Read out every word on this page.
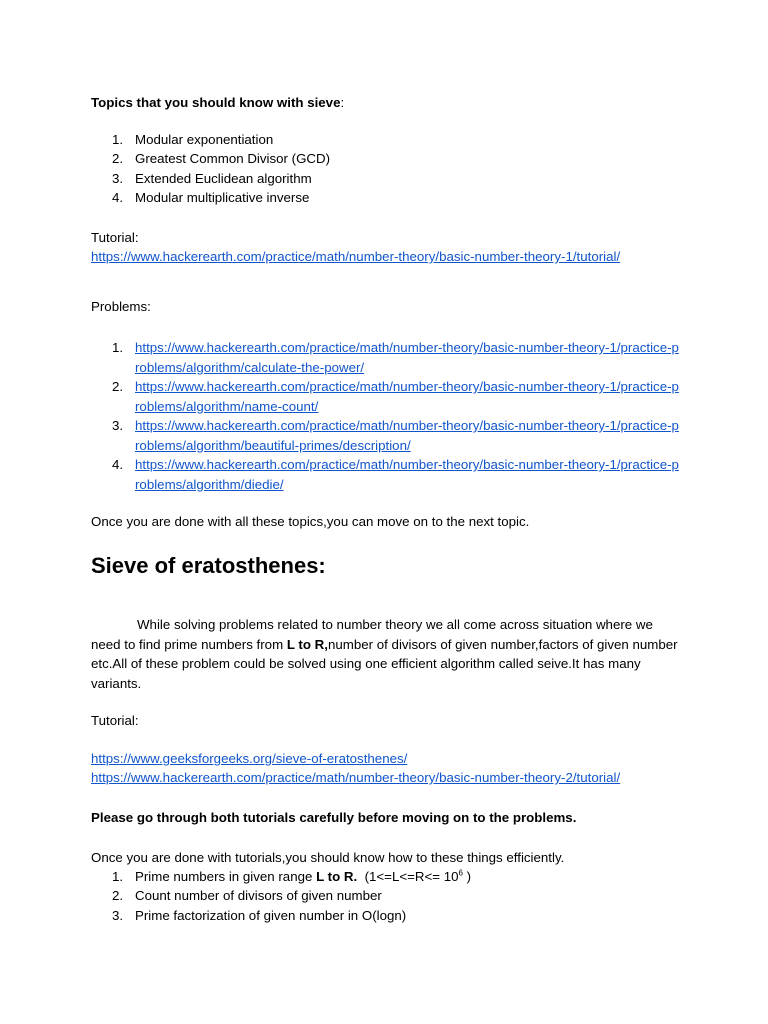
Topics that you should know with sieve:
1. Modular exponentiation
2. Greatest Common Divisor (GCD)
3. Extended Euclidean algorithm
4. Modular multiplicative inverse
Tutorial:
https://www.hackerearth.com/practice/math/number-theory/basic-number-theory-1/tutorial/
Problems:
1. https://www.hackerearth.com/practice/math/number-theory/basic-number-theory-1/practice-problems/algorithm/calculate-the-power/
2. https://www.hackerearth.com/practice/math/number-theory/basic-number-theory-1/practice-problems/algorithm/name-count/
3. https://www.hackerearth.com/practice/math/number-theory/basic-number-theory-1/practice-problems/algorithm/beautiful-primes/description/
4. https://www.hackerearth.com/practice/math/number-theory/basic-number-theory-1/practice-problems/algorithm/diedie/
Once you are done with all these topics,you can move on to the next topic.
Sieve of eratosthenes:
While solving problems related to number theory we all come across situation where we need to find prime numbers from L to R,number of divisors of given number,factors of given number etc.All of these problem could be solved using one efficient algorithm called seive.It has many variants.
Tutorial:
https://www.geeksforgeeks.org/sieve-of-eratosthenes/
https://www.hackerearth.com/practice/math/number-theory/basic-number-theory-2/tutorial/
Please go through both tutorials carefully before moving on to the problems.
Once you are done with tutorials,you should know how to these things efficiently.
1. Prime numbers in given range L to R. ($1<=L<=R<= 10^6$ )
2. Count number of divisors of given number
3. Prime factorization of given number in O(logn)
